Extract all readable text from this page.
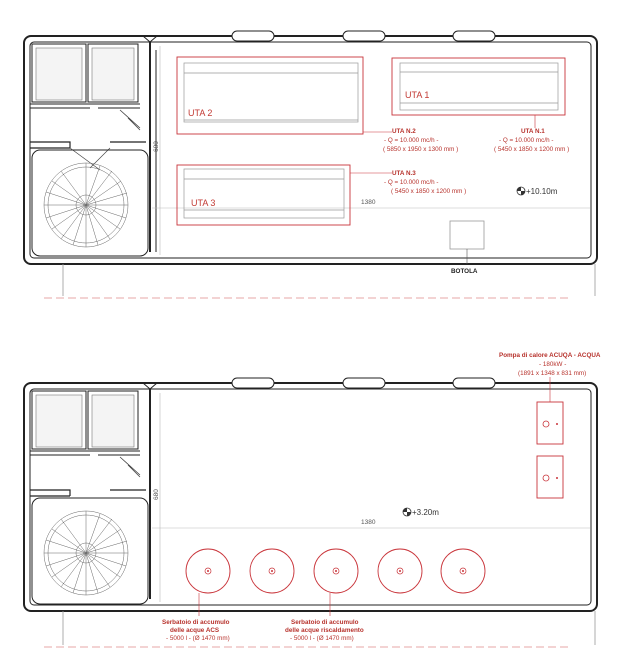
1380
680
UTA 2
UTA N.2
- Q = 10.000 mc/h -
( 5850 x 1950 x 1300 mm )
UTA 1
UTA N.1
- Q = 10.000 mc/h -
( 5450 x 1850 x 1200 mm )
UTA 3
UTA N.3
- Q = 10.000 mc/h -
( 5450 x 1850 x 1200 mm )	+10.10m
BOTOLA
1380
680
Pompa di calore ACUQA - ACQUA
- 180kW -
(1891 x 1348 x 831 mm)
Serbatoio di accumulo
delle acque ACS
- 5000 l - (Ø 1470 mm)
Serbatoio di accumulo
delle acque riscaldamento
- 5000 l - (Ø 1470 mm)
+3.20m
